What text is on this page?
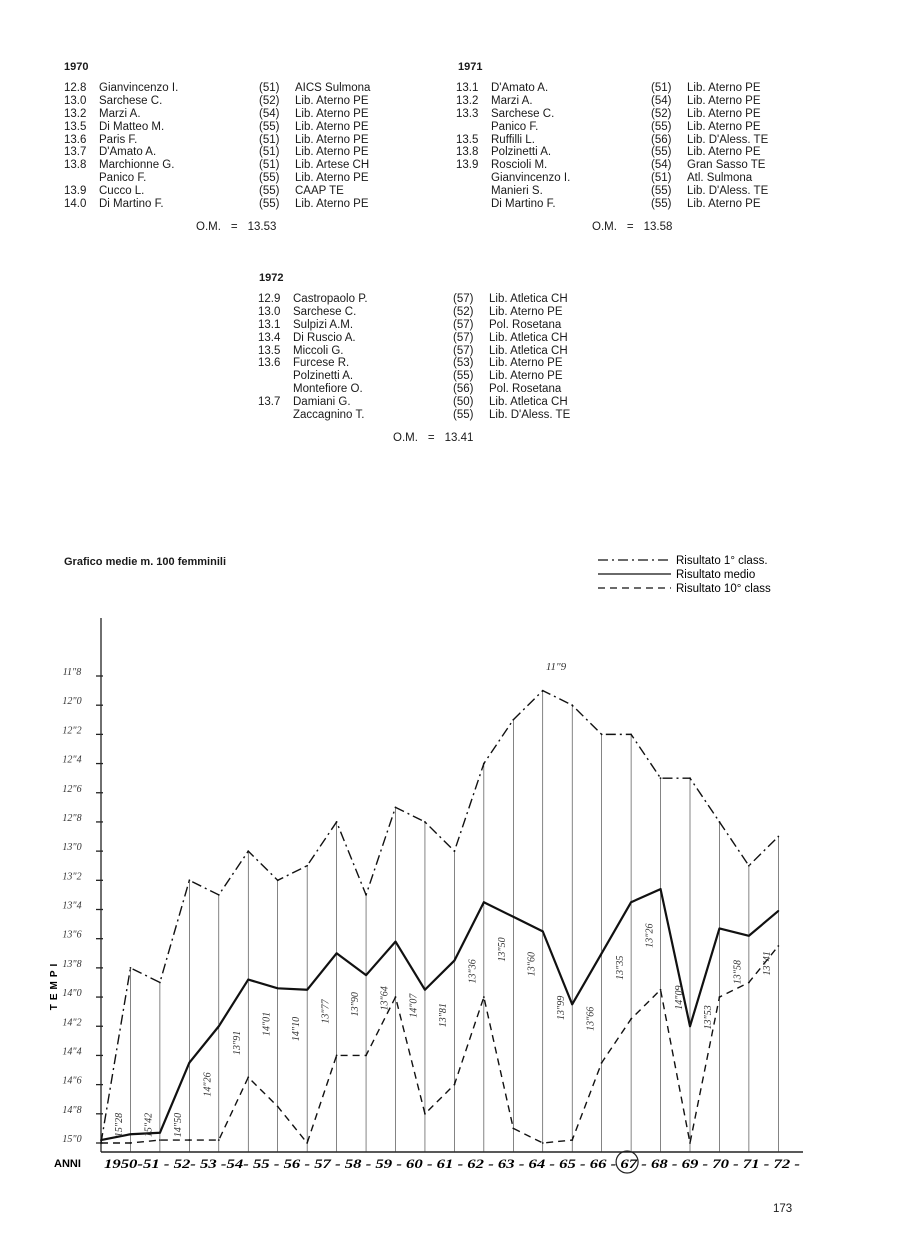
1970
12.8 Gianvincenzo I.	(51) AICS Sulmona
13.0 Sarchese C.	(52) Lib. Aterno PE
13.2 Marzi A.	(54) Lib. Aterno PE
13.5 Di Matteo M.	(55) Lib. Aterno PE
13.6 Paris F.	(51) Lib. Aterno PE
13.7 D'Amato A.	(51) Lib. Aterno PE
13.8 Marchionne G.	(51) Lib. Artese CH
Panico F.	(55) Lib. Aterno PE
13.9 Cucco L.	(55) CAAP TE
14.0 Di Martino F.	(55) Lib. Aterno PE
O.M. = 13.53
1971
13.1 D'Amato A.	(51) Lib. Aterno PE
13.2 Marzi A.	(54) Lib. Aterno PE
13.3 Sarchese C.	(52) Lib. Aterno PE
Panico F.	(55) Lib. Aterno PE
13.5 Ruffilli L.	(56) Lib. D'Aless. TE
13.8 Polzinetti A.	(55) Lib. Aterno PE
13.9 Roscioli M.	(54) Gran Sasso TE
Gianvincenzo I.	(51) Atl. Sulmona
Manieri S.	(55) Lib. D'Aless. TE
Di Martino F.	(55) Lib. Aterno PE
O.M. = 13.58
1972
12.9 Castropaolo P.	(57) Lib. Atletica CH
13.0 Sarchese C.	(52) Lib. Aterno PE
13.1 Sulpizi A.M.	(57) Pol. Rosetana
13.4 Di Ruscio A.	(57) Lib. Atletica CH
13.5 Miccoli G.	(57) Lib. Atletica CH
13.6 Furcese R.	(53) Lib. Aterno PE
Polzinetti A.	(55) Lib. Aterno PE
Montefiore O.	(56) Pol. Rosetana
13.7 Damiani G.	(50) Lib. Atletica CH
Zaccagnino T.	(55) Lib. D'Aless. TE
O.M. = 13.41
Grafico medie m. 100 femminili
11"8
12"0
12"2
12"4
12"6
12"8
13"0
13"2
13"4
13"6
13"8
14"0
14"2
14"4
14"6
14"8
15"0
TEMPI
ANNI 1950-51 - 52- 53 -54- 55 - 56 - 57 - 58 - 59 - 60 - 61 - 62 - 63 - 64 - 65 - 66 - 67 - 68 - 69 - 70 - 71 - 72 -
15"28 15"42 14"50
14"26
13"91
14"01 14"10
13"77 13"90 13"64 14"07 13"81
13"36
13"50
13"60
13"99 13"66
13"35
13"26
14"09
13"53
13"58 13"41
11"9
Risultato 1° class.
Risultato medio
Risultato 10° class
173
